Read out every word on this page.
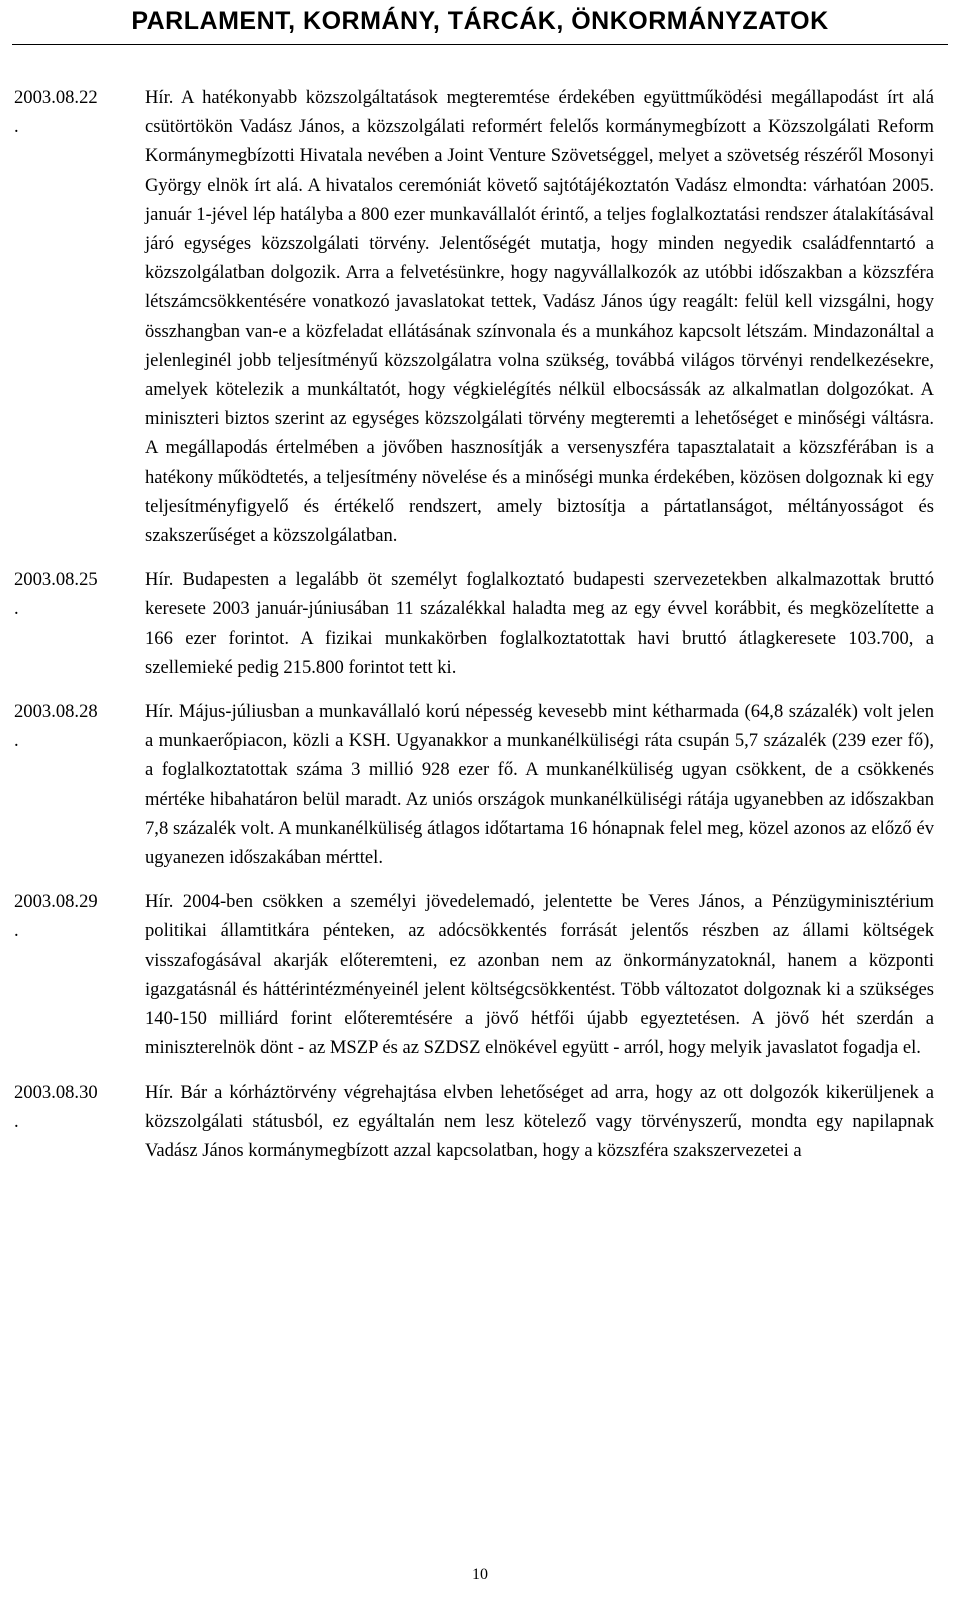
PARLAMENT, KORMÁNY, TÁRCÁK, ÖNKORMÁNYZATOK
2003.08.22
.

Hír. A hatékonyabb közszolgáltatások megteremtése érdekében együttműködési megállapodást írt alá csütörtökön Vadász János, a közszolgálati reformért felelős kormánymegbízott a Közszolgálati Reform Kormánymegbízotti Hivatala nevében a Joint Venture Szövetséggel, melyet a szövetség részéről Mosonyi György elnök írt alá. A hivatalos ceremóniát követő sajtótájékoztatón Vadász elmondta: várhatóan 2005. január 1-jével lép hatályba a 800 ezer munkavállalót érintő, a teljes foglalkoztatási rendszer átalakításával járó egységes közszolgálati törvény. Jelentőségét mutatja, hogy minden negyedik családfenntartó a közszolgálatban dolgozik. Arra a felvetésünkre, hogy nagyvállalkozók az utóbbi időszakban a közszféra létszámcsökkentésére vonatkozó javaslatokat tettek, Vadász János úgy reagált: felül kell vizsgálni, hogy összhangban van-e a közfeladat ellátásának színvonala és a munkához kapcsolt létszám. Mindazonáltal a jelenleginél jobb teljesítményű közszolgálatra volna szükség, továbbá világos törvényi rendelkezésekre, amelyek kötelezik a munkáltatót, hogy végkielégítés nélkül elbocsássák az alkalmatlan dolgozókat. A miniszteri biztos szerint az egységes közszolgálati törvény megteremti a lehetőséget e minőségi váltásra. A megállapodás értelmében a jövőben hasznosítják a versenyszféra tapasztalatait a közszférában is a hatékony működtetés, a teljesítmény növelése és a minőségi munka érdekében, közösen dolgoznak ki egy teljesítményfigyelő és értékelő rendszert, amely biztosítja a pártatlanságot, méltányosságot és szakszerűséget a közszolgálatban.

2003.08.25
.

Hír. Budapesten a legalább öt személyt foglalkoztató budapesti szervezetekben alkalmazottak bruttó keresete 2003 január-júniusában 11 százalékkal haladta meg az egy évvel korábbit, és megközelítette a 166 ezer forintot. A fizikai munkakörben foglalkoztatottak havi bruttó átlagkeresete 103.700, a szellemieké pedig 215.800 forintot tett ki.

2003.08.28
.

Hír. Május-júliusban a munkavállaló korú népesség kevesebb mint kétharmada (64,8 százalék) volt jelen a munkaerőpiacon, közli a KSH. Ugyanakkor a munkanélküliségi ráta csupán 5,7 százalék (239 ezer fő), a foglalkoztatottak száma 3 millió 928 ezer fő. A munkanélküliség ugyan csökkent, de a csökkenés mértéke hibahatáron belül maradt. Az uniós országok munkanélküliségi rátája ugyanebben az időszakban 7,8 százalék volt. A munkanélküliség átlagos időtartama 16 hónapnak felel meg, közel azonos az előző év ugyanezen időszakában mérttel.

2003.08.29
.

Hír. 2004-ben csökken a személyi jövedelemadó, jelentette be Veres János, a Pénzügyminisztérium politikai államtitkára pénteken, az adócsökkentés forrását jelentős részben az állami költségek visszafogásával akarják előteremteni, ez azonban nem az önkormányzatoknál, hanem a központi igazgatásnál és háttérintézményeinél jelent költségcsökkentést. Több változatot dolgoznak ki a szükséges 140-150 milliárd forint előteremtésére a jövő hétfői újabb egyeztetésen. A jövő hét szerdán a miniszterelnök dönt - az MSZP és az SZDSZ elnökével együtt - arról, hogy melyik javaslatot fogadja el.

2003.08.30
.

Hír. Bár a kórháztörvény végrehajtása elvben lehetőséget ad arra, hogy az ott dolgozók kikerüljenek a közszolgálati státusból, ez egyáltalán nem lesz kötelező vagy törvényszerű, mondta egy napilapnak Vadász János kormánymegbízott azzal kapcsolatban, hogy a közszféra szakszervezetei a

10
